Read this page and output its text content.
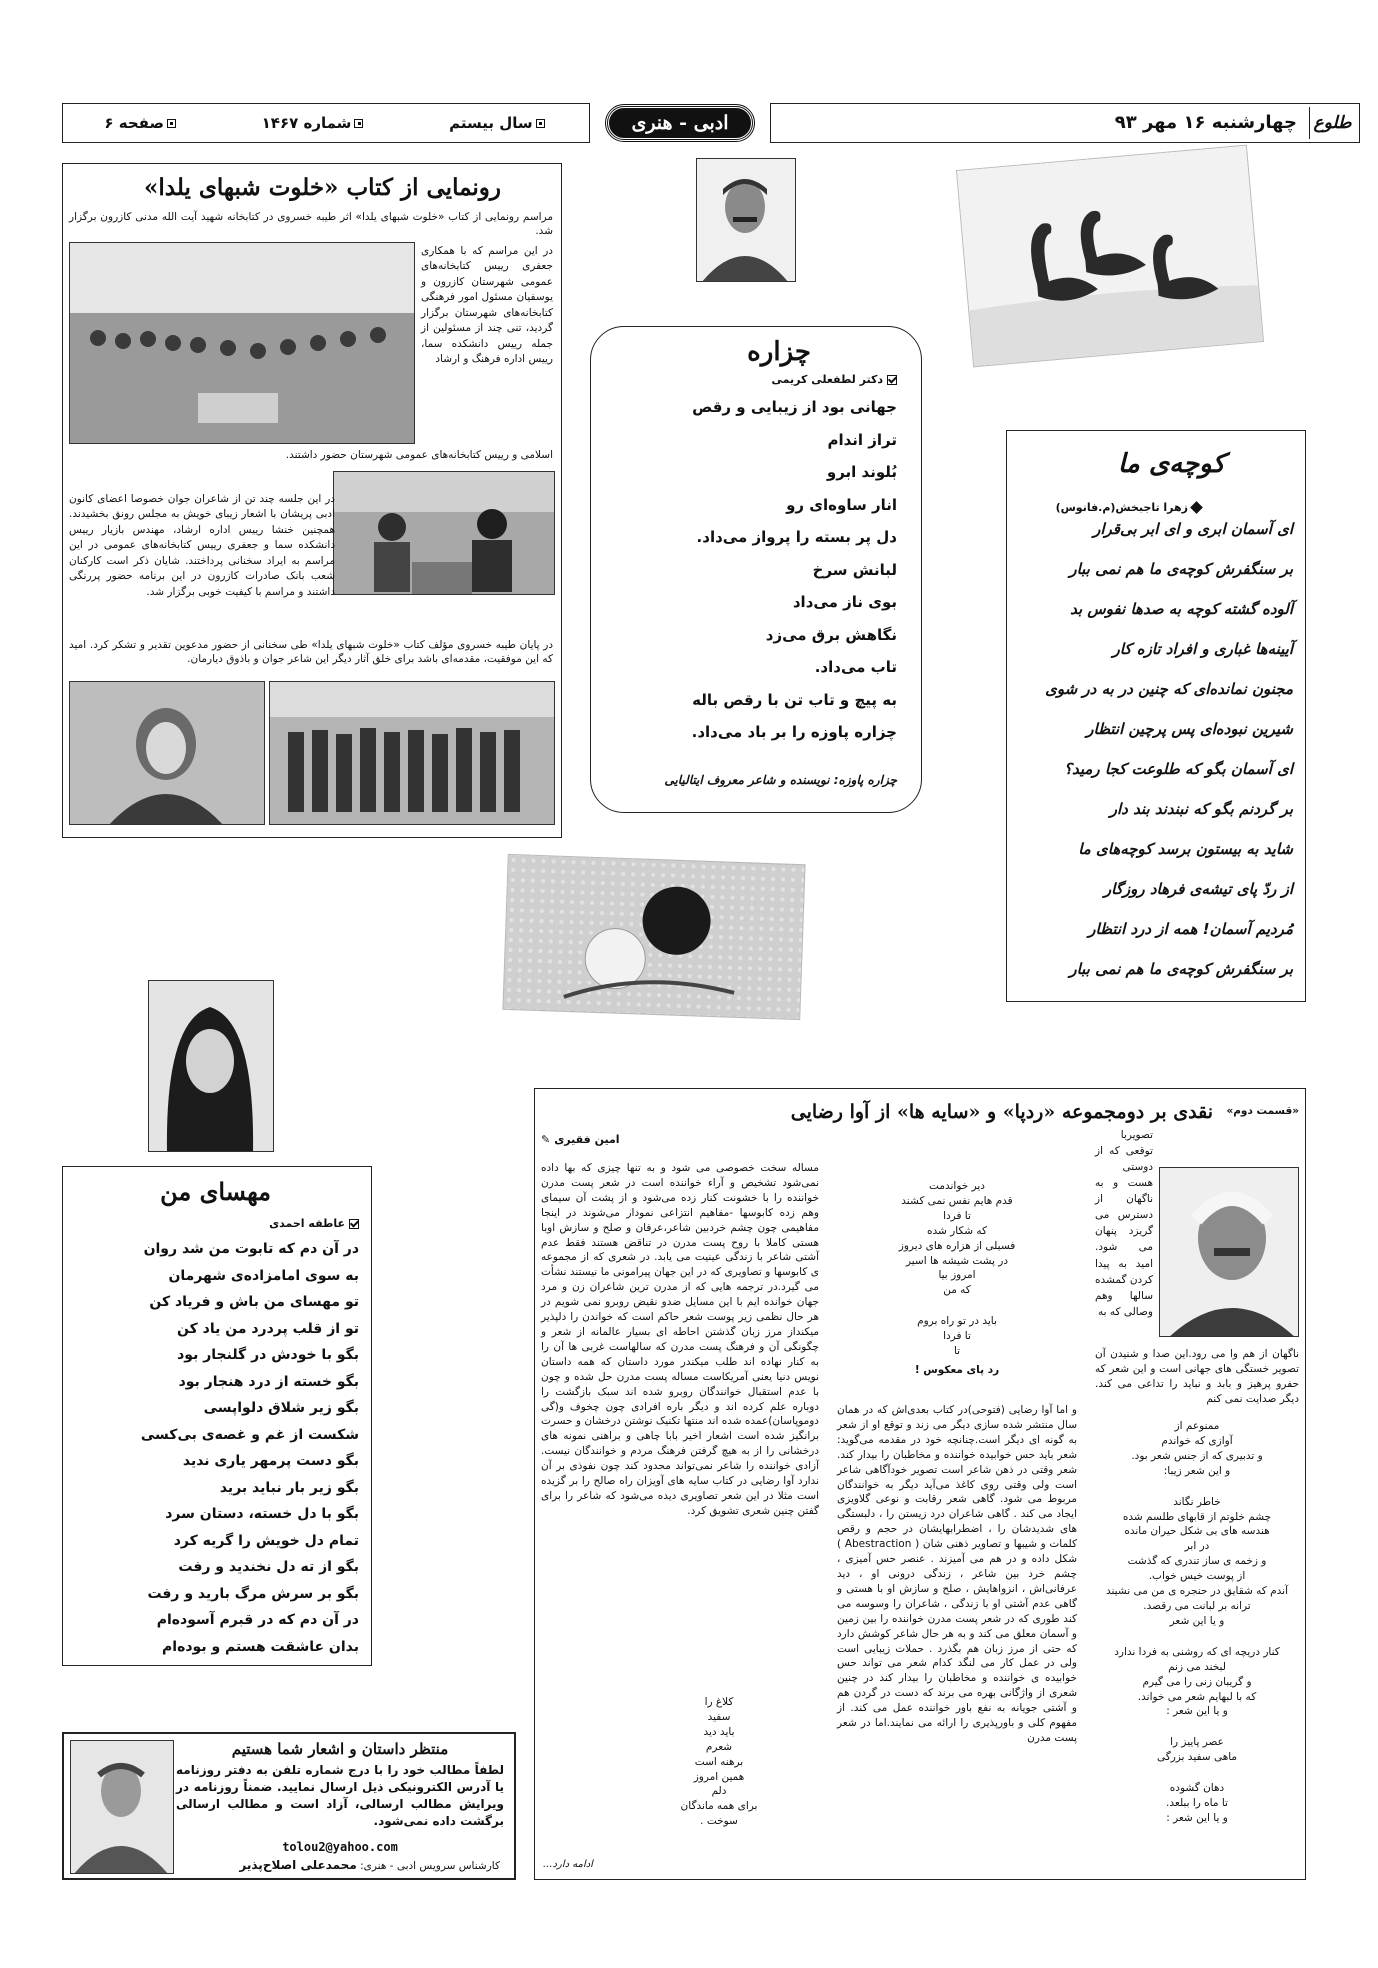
طلوع
چهارشنبه ۱۶ مهر ۹۳
ادبی - هنری
سال بیستم
شماره ۱۴۶۷
صفحه ۶
رونمایی از کتاب «خلوت شبهای یلدا»
مراسم رونمایی از کتاب «خلوت شبهای یلدا» اثر طیبه خسروی در کتابخانه شهید آیت الله مدنی کازرون برگزار شد.
در این مراسم که با همکاری جعفری رییس کتابخانه‌های عمومی شهرستان کازرون و یوسفیان مسئول امور فرهنگی کتابخانه‌های شهرستان برگزار گردید، تنی چند از مسئولین از جمله رییس دانشکده سما، رییس اداره فرهنگ و ارشاد
اسلامی و رییس کتابخانه‌های عمومی شهرستان حضور داشتند.
در این جلسه چند تن از شاعران جوان خصوصا اعضای کانون ادبی پریشان با اشعار زیبای خویش به مجلس رونق بخشیدند. همچنین خنشا رییس اداره ارشاد، مهندس بازیار رییس دانشکده سما و جعفری رییس کتابخانه‌های عمومی در این مراسم به ایراد سخنانی پرداختند. شایان ذکر است کارکنان شعب بانک صادرات کازرون در این برنامه حضور پررنگی داشتند و مراسم با کیفیت خوبی برگزار شد.
در پایان طیبه خسروی مؤلف کتاب «خلوت شبهای یلدا» طی سخنانی از حضور مدعوین تقدیر و تشکر کرد. امید که این موفقیت، مقدمه‌ای باشد برای خلق آثار دیگر این شاعر جوان و باذوق دیارمان.
چزاره
دکتر لطفعلی کریمی
جهانی بود از زیبایی و رقص
تراز اندام
بُلوند ابرو
انار ساوه‌ای رو
دل پر بسته را پرواز می‌داد.
لبانش سرخ
بوی ناز می‌داد
نگاهش برق می‌زد
تاب می‌داد.
به پیچ و تاب تن با رقص باله
چزاره پاوزه را بر باد می‌داد.
چزاره پاوزه: نویسنده و شاعر معروف ایتالیایی
کوچه‌ی ما
زهرا تاجبخش(م.فانوس)
ای آسمان ابری و ای ابر بی‌قرار
بر سنگفرش کوچه‌ی ما هم نمی ببار
آلوده گشته کوچه به صدها نفوس بد
آیینه‌ها غباری و افراد تازه کار
مجنون نمانده‌ای که چنین در به در شوی
شیرین نبوده‌ای پس پرچین انتظار
ای آسمان بگو که طلوعت کجا رمید؟
بر گردنم بگو که نبندند بند دار
شاید به بیستون برسد کوچه‌های ما
از ردّ پای تیشه‌ی فرهاد روزگار
مُردیم آسمان! همه از درد انتظار
بر سنگفرش کوچه‌ی ما هم نمی ببار
مهسای من
عاطفه احمدی
در آن دم که تابوت من شد روان
به سوی امامزاده‌ی شهرمان
تو مهسای من باش و فریاد کن
تو از قلب پردرد من یاد کن
بگو با خودش در گلنجار بود
بگو خسته از درد هنجار بود
بگو زیر شلاق دلواپسی
شکست از غم و غصه‌ی بی‌کسی
بگو دست پرمهر یاری ندید
بگو زیر بار نباید برید
بگو با دل خسته، دستان سرد
تمام دل خویش را گریه کرد
بگو از ته دل نخندید و رفت
بگو بر سرش مرگ بارید و رفت
در آن دم که در قبرم آسوده‌ام
بدان عاشقت هستم و بوده‌ام
منتظر داستان و اشعار شما هستیم
لطفاً مطالب خود را با درج شماره تلفن به دفتر روزنامه یا آدرس الکترونیکی ذیل ارسال نمایید. ضمناً روزنامه در ویرایش مطالب ارسالی، آزاد است و مطالب ارسالی برگشت داده نمی‌شود.
tolou2@yahoo.com
کارشناس سرویس ادبی - هنری: محمدعلی اصلاح‌پذیر
«قسمت دوم»
نقدی بر دومجموعه «ردپا» و «سایه ها» از آوا رضایی
امین فقیری
✎	تصویربا توقعی که از دوستی هست و به ناگهان از دسترس می گریزد پنهان می شود. امید به پیدا کردن گمشده سالها وهم وصالی که به
ناگهان از هم وا می رود.این صدا و شنیدن آن تصویر خستگی های جهانی است و این شعر که حفرو پرهیز و بابد و نباید را تداعی می کند. دیگر صدایت نمی کنم
ممنوعم از
آوازی که خواندم
و تدبیری که از جنس شعر بود.
و این شعر زیبا:
خاطر نگاند
چشم خلوتم از قابهای طلسم شده
هندسه های بی شکل حیران مانده
در ابر
و زخمه ی ساز تندری که گذشت
از پوست خیس خواب.
آندم که شقایق در حنجره ی من می نشیند
ترانه بر لبانت می رقصد.
و یا این شعر
کنار دریچه ای که روشنی به فردا ندارد
لبخند می زنم
و گریبان زنی را می گیرم
که با لبهایم شعر می خواند.
و یا این شعر :
عصر پاییز را
ماهی سفید بزرگی
دهان گشوده
تا ماه را ببلعد.
و یا این شعر :
دیر خواندمت
قدم هایم نفس نمی کشند
تا فردا
که شکار شده
فسیلی از هزاره های دیروز
در پشت شیشه ها اسیر
امروز بیا
که من
باید در تو راه بروم
تا فردا
تا
رد پای معکوس !
و اما آوا رضایی (فتوحی)در کتاب بعدی‌اش که در همان سال منتشر شده سازی دیگر می زند و توقع او از شعر به گونه ای دیگر است.چنانچه خود در مقدمه می‌گوید: شعر باید حس خوابیده خواننده و مخاطبان را بیدار کند. شعر وقتی در ذهن شاعر است تصویر خودآگاهی شاعر است ولی وقتی روی کاغذ می‌آید دیگر به خوانندگان مربوط می شود. گاهی شعر رقابت و نوعی گلاویزی ایجاد می کند . گاهی شاعران درد زیستن را ، دلبستگی های شدیدشان را ، اضطرابهایشان در حجم و رقص کلمات و شیبها و تصاویر ذهنی شان ( Abestraction ) شکل داده و در هم می آمیزند . عنصر حس آمیزی ، چشم خرد بین شاعر ، زندگی درونی او ، دید عرفانی‌اش ، انزواهایش ، صلح و سازش او با هستی و گاهی عدم آشتی او با زندگی ، شاعران را وسوسه می کند طوری که در شعر پست مدرن خواننده را بین زمین و آسمان معلق می کند و به هر حال شاعر کوشش دارد که حتی از مرز زبان هم بگذرد . حملات زیبایی است ولی در عمل کار می لنگد کدام شعر می تواند حس خوابیده ی خواننده و مخاطبان را بیدار کند در چنین شعری از واژگانی بهره می برند که دست در گردن هم و آشتی جویانه به نفع باور خواننده عمل می کند. از مفهوم کلی و باورپذیری را ارائه می نمایند.اما در شعر پست مدرن
مساله سخت خصوصی می شود و به تنها چیزی که بها داده نمی‌شود تشخیص و آراء خواننده است در شعر پست مدرن خواننده را با خشونت کنار زده می‌شود و از پشت آن سیمای وهم زده کابوسها -مفاهیم انتزاعی نمودار می‌شوند در اینجا مفاهیمی چون چشم خردبین شاعر،عرفان و صلح و سازش اوبا هستی کاملا با روح پست مدرن در تناقض هستند فقط عدم آشتی شاعر با زندگی عینیت می یابد. در شعری که از مجموعه ی کابوسها و تصاویری که در این جهان پیرامونی ما نیستند نشأت می گیرد.در ترجمه هایی که از مدرن ترین شاعران زن و مرد جهان خوانده ایم با این مسایل ضدو نقیض روبرو نمی شویم در هر حال نظمی زیر پوست شعر حاکم است که خواندن را دلپذیر میکنداز مرز زبان گذشتن احاطه ای بسیار عالمانه از شعر و چگونگی آن و فرهنگ پست مدرن که سالهاست غربی ها آن را به کنار نهاده اند طلب میکندر مورد داستان که همه داستان نویس دنیا یعنی آمریکاست مساله پست مدرن حل شده و چون با عدم استقبال خوانندگان روبرو شده اند سبک بازگشت را دوباره علم کرده اند و دیگر باره افرادی چون چخوف و(گی دوموپاسان)عمده شده اند منتها تکنیک نوشتن درخشان و حسرت برانگیز شده است اشعار اخیر بابا چاهی و براهنی نمونه های درخشانی را از به هیچ گرفتن فرهنگ مردم و خوانندگان نیست. آزادی خواننده را شاعر نمی‌تواند محدود کند چون نفوذی بر آن ندارد آوا رضایی در کتاب سایه های آویزان راه صالح را بر گزیده است مثلا در این شعر تصاویری دیده می‌شود که شاعر را برای گفتن چنین شعری تشویق کرد.
کلاغ را
سفید
باید دید
شعرم
برهنه است
همین امروز
دلم
برای همه ماندگان
سوخت .
ادامه دارد...
